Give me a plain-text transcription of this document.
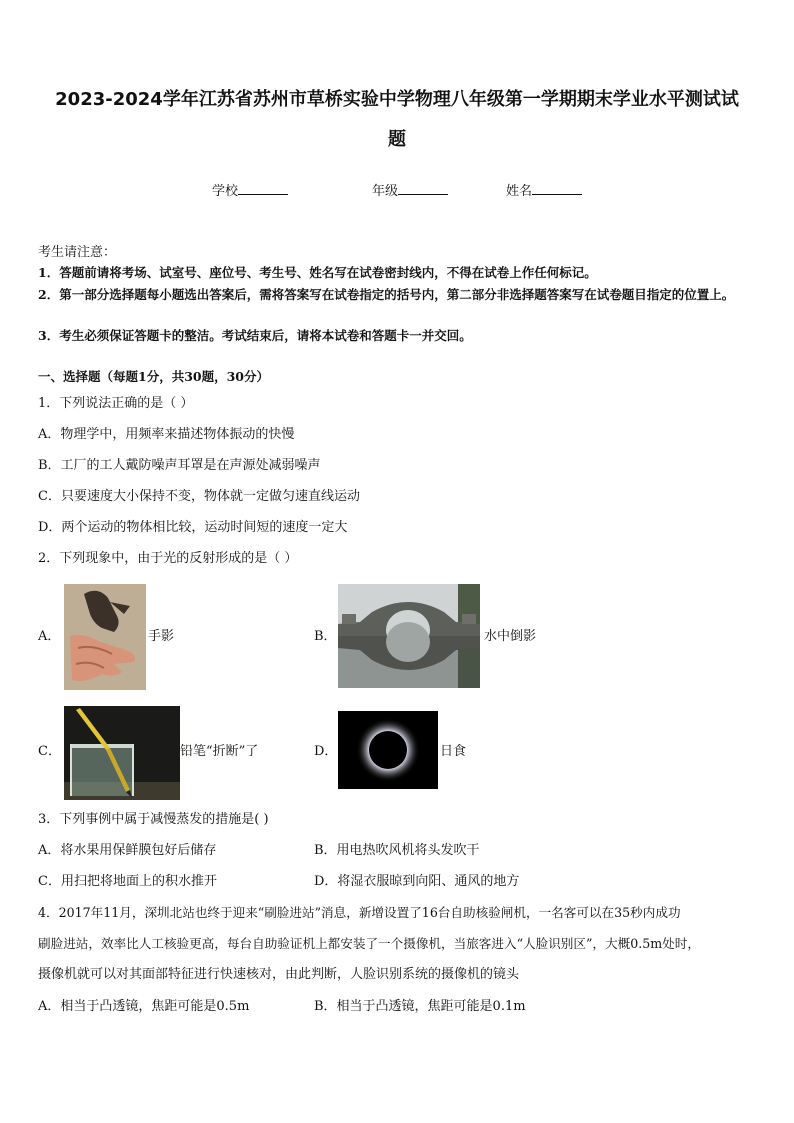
2023-2024学年江苏省苏州市草桥实验中学物理八年级第一学期期末学业水平测试试
题
学校	年级	姓名
考生请注意：
1．答题前请将考场、试室号、座位号、考生号、姓名写在试卷密封线内，不得在试卷上作任何标记。
2．第一部分选择题每小题选出答案后，需将答案写在试卷指定的括号内，第二部分非选择题答案写在试卷题目指定的位置上。
3．考生必须保证答题卡的整洁。考试结束后，请将本试卷和答题卡一并交回。
一、选择题（每题1分，共30题，30分）
1．下列说法正确的是（ ）
A．物理学中，用频率来描述物体振动的快慢
B．工厂的工人戴防噪声耳罩是在声源处减弱噪声
C．只要速度大小保持不变，物体就一定做匀速直线运动
D．两个运动的物体相比较，运动时间短的速度一定大
2．下列现象中，由于光的反射形成的是（ ）
A．	手影	B．	水中倒影
C．	铅笔“折断”了	D．	日食
3．下列事例中属于减慢蒸发的措施是( )
A．将水果用保鲜膜包好后储存	B．用电热吹风机将头发吹干
C．用扫把将地面上的积水推开	D．将湿衣服晾到向阳、通风的地方
4．2017年11月，深圳北站也终于迎来“刷脸进站”消息，新增设置了16台自助核验闸机，一名客可以在35秒内成功
刷脸进站，效率比人工核验更高，每台自助验证机上都安装了一个摄像机，当旅客进入“人脸识别区”，大概0.5m处时，
摄像机就可以对其面部特征进行快速核对，由此判断，人脸识别系统的摄像机的镜头
A．相当于凸透镜，焦距可能是0.5m	B．相当于凸透镜，焦距可能是0.1m
